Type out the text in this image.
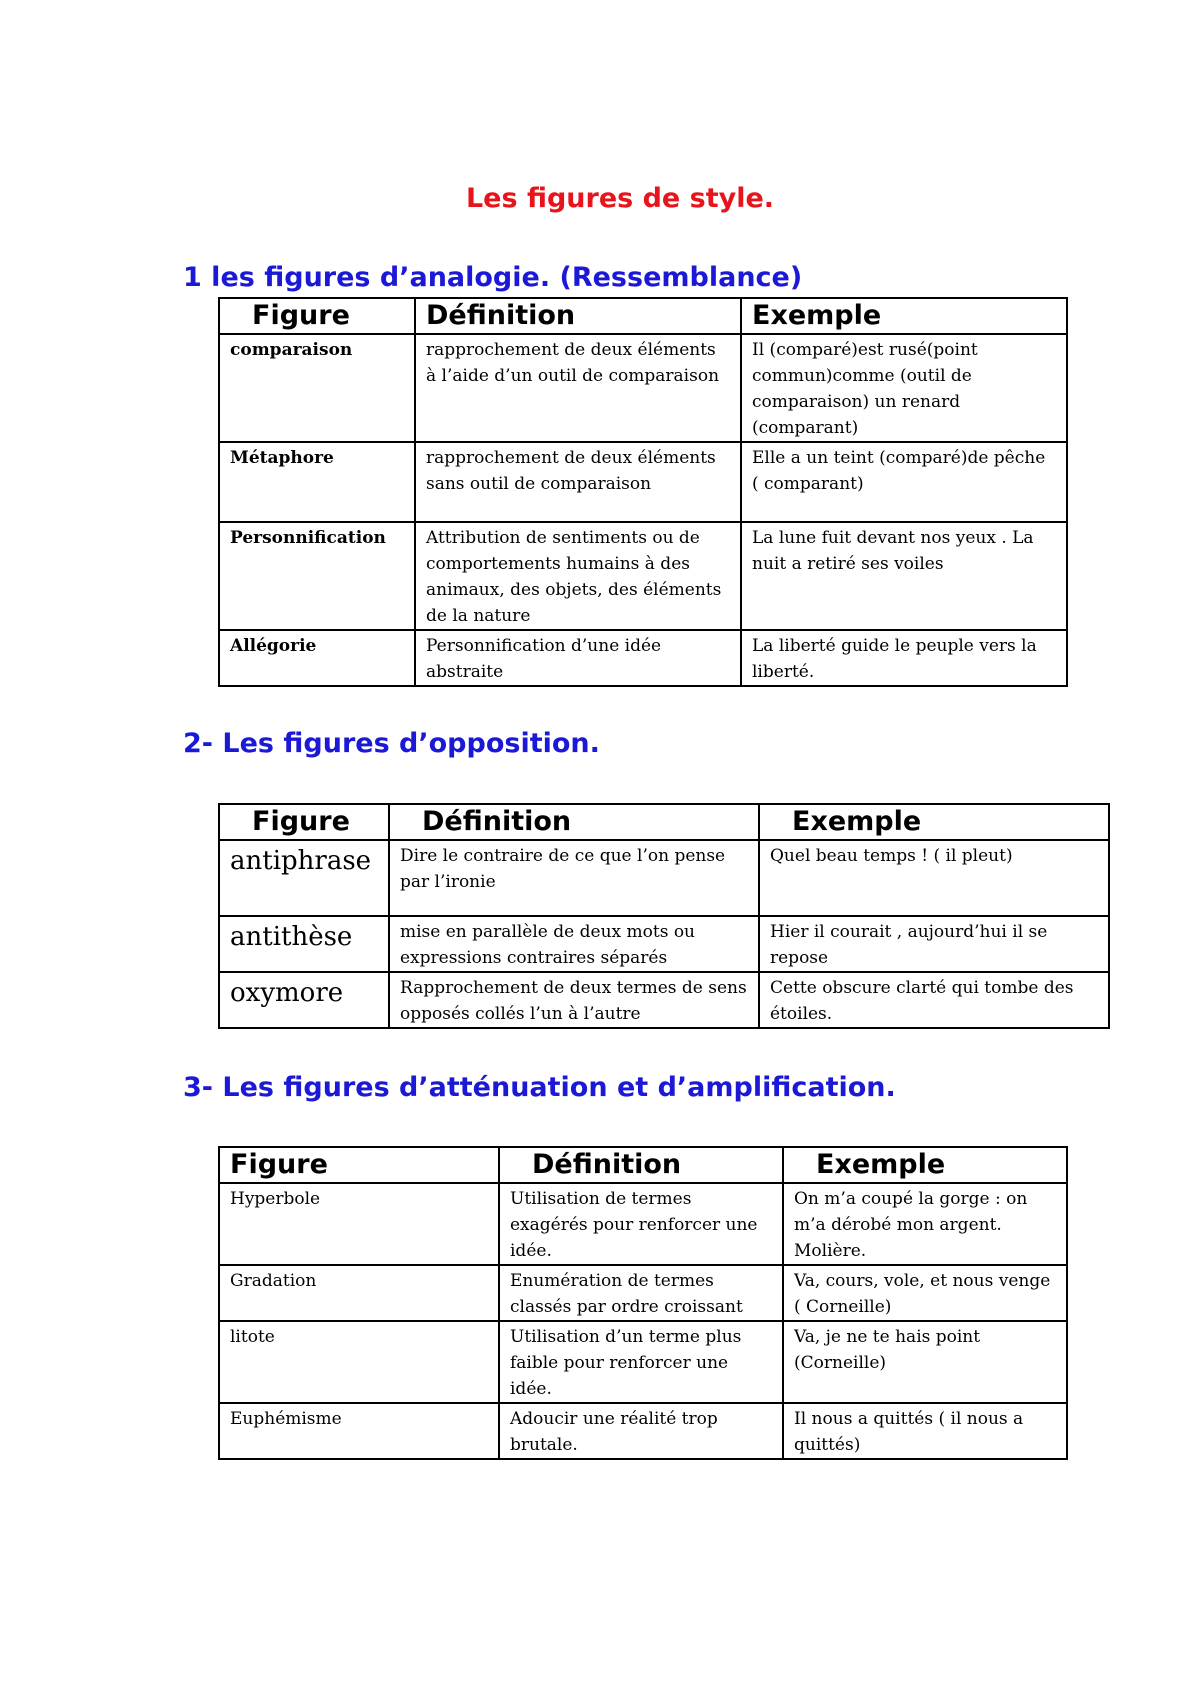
Les figures de style.
1 les figures d’analogie. (Ressemblance)
Figure	Définition	Exemple
comparaison	rapprochement de deux éléments à l’aide d’un outil de comparaison	Il (comparé)est rusé(point commun)comme (outil de comparaison) un renard (comparant)
Métaphore	rapprochement de deux éléments sans outil de comparaison	Elle a un teint (comparé)de pêche ( comparant)
Personnification	Attribution de sentiments ou de comportements humains à des animaux, des objets, des éléments de la nature	La lune fuit devant nos yeux . La nuit a retiré ses voiles
Allégorie	Personnification d’une idée abstraite	La liberté guide le peuple vers la liberté.
2- Les figures d’opposition.
Figure	Définition	Exemple
antiphrase	Dire le contraire de ce que l’on pense par l’ironie	Quel beau temps ! ( il pleut)
antithèse	mise en parallèle de deux mots ou expressions contraires séparés	Hier il courait , aujourd’hui il se repose
oxymore	Rapprochement de deux termes de sens opposés collés l’un à l’autre	Cette obscure clarté qui tombe des étoiles.
3- Les figures d’atténuation et d’amplification.
Figure	Définition	Exemple
Hyperbole	Utilisation de termes exagérés pour renforcer une idée.	On m’a coupé la gorge : on m’a dérobé mon argent. Molière.
Gradation	Enumération de termes classés par ordre croissant	Va, cours, vole, et nous venge ( Corneille)
litote	Utilisation d’un terme plus faible pour renforcer une idée.	Va, je ne te hais point (Corneille)
Euphémisme	Adoucir une réalité trop brutale.	Il nous a quittés ( il nous a quittés)
